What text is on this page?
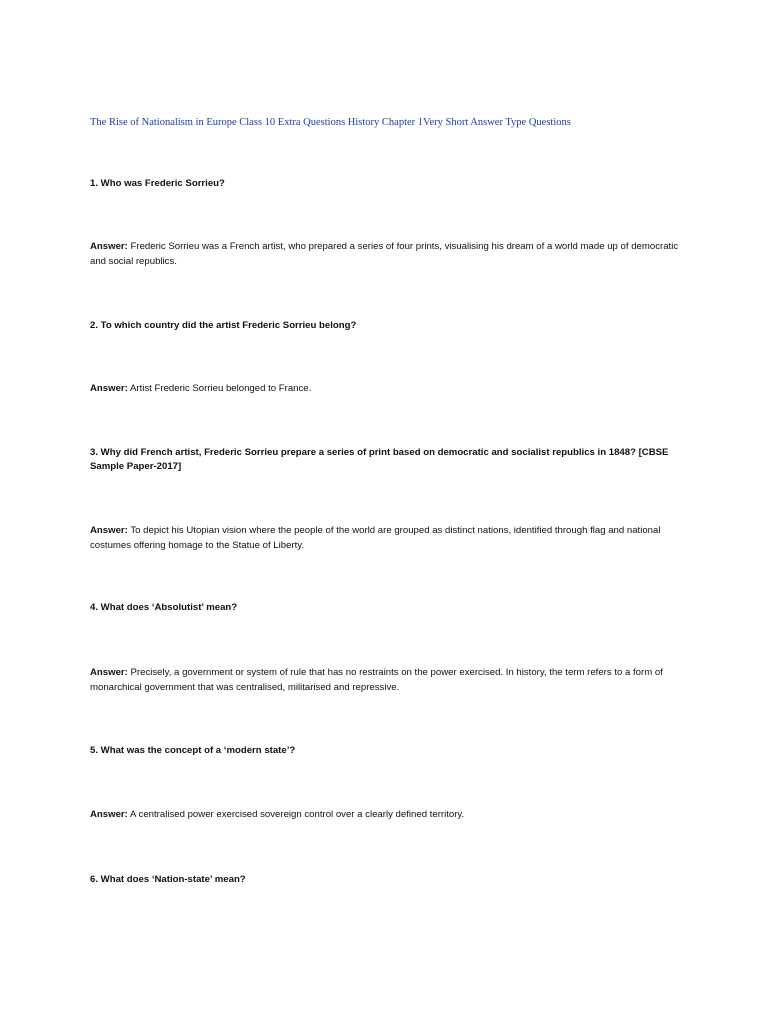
The Rise of Nationalism in Europe Class 10 Extra Questions History Chapter 1Very Short Answer Type Questions
1. Who was Frederic Sorrieu?
Answer: Frederic Sorrieu was a French artist, who prepared a series of four prints, visualising his dream of a world made up of democratic and social republics.
2. To which country did the artist Frederic Sorrieu belong?
Answer: Artist Frederic Sorrieu belonged to France.
3. Why did French artist, Frederic Sorrieu prepare a series of print based on democratic and socialist republics in 1848? [CBSE Sample Paper-2017]
Answer: To depict his Utopian vision where the people of the world are grouped as distinct nations, identified through flag and national costumes offering homage to the Statue of Liberty.
4. What does ‘Absolutist’ mean?
Answer: Precisely, a government or system of rule that has no restraints on the power exercised. In history, the term refers to a form of monarchical government that was centralised, militarised and repressive.
5. What was the concept of a ‘modern state’?
Answer: A centralised power exercised sovereign control over a clearly defined territory.
6. What does ‘Nation-state’ mean?
